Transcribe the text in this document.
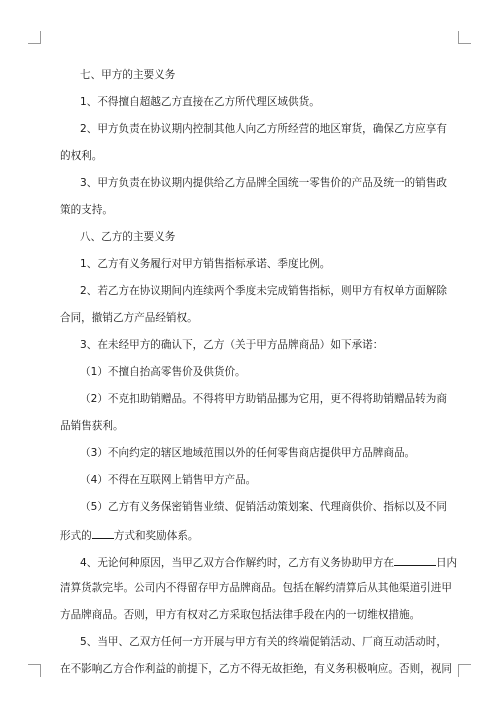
七、甲方的主要义务
1、不得擅自超越乙方直接在乙方所代理区域供货。
2、甲方负责在协议期内控制其他人向乙方所经营的地区窜货，确保乙方应享有
的权利。
3、甲方负责在协议期内提供给乙方品牌全国统一零售价的产品及统一的销售政
策的支持。
八、乙方的主要义务
1、乙方有义务履行对甲方销售指标承诺、季度比例。
2、若乙方在协议期间内连续两个季度未完成销售指标，则甲方有权单方面解除
合同，撤销乙方产品经销权。
3、在未经甲方的确认下，乙方（关于甲方品牌商品）如下承诺：
（1）不擅自抬高零售价及供货价。
（2）不克扣助销赠品。不得将甲方助销品挪为它用，更不得将助销赠品转为商
品销售获利。
（3）不向约定的辖区地域范围以外的任何零售商店提供甲方品牌商品。
（4）不得在互联网上销售甲方产品。
（5）乙方有义务保密销售业绩、促销活动策划案、代理商供价、指标以及不同
形式的 方式和奖励体系。
4、无论何种原因，当甲乙双方合作解约时，乙方有义务协助甲方在	日内
清算货款完毕。公司内不得留存甲方品牌商品。包括在解约清算后从其他渠道引进甲
方品牌商品。否则，甲方有权对乙方采取包括法律手段在内的一切维权措施。
5、当甲、乙双方任何一方开展与甲方有关的终端促销活动、厂商互动活动时，
在不影响乙方合作利益的前提下，乙方不得无故拒绝，有义务积极响应。否则，视同
